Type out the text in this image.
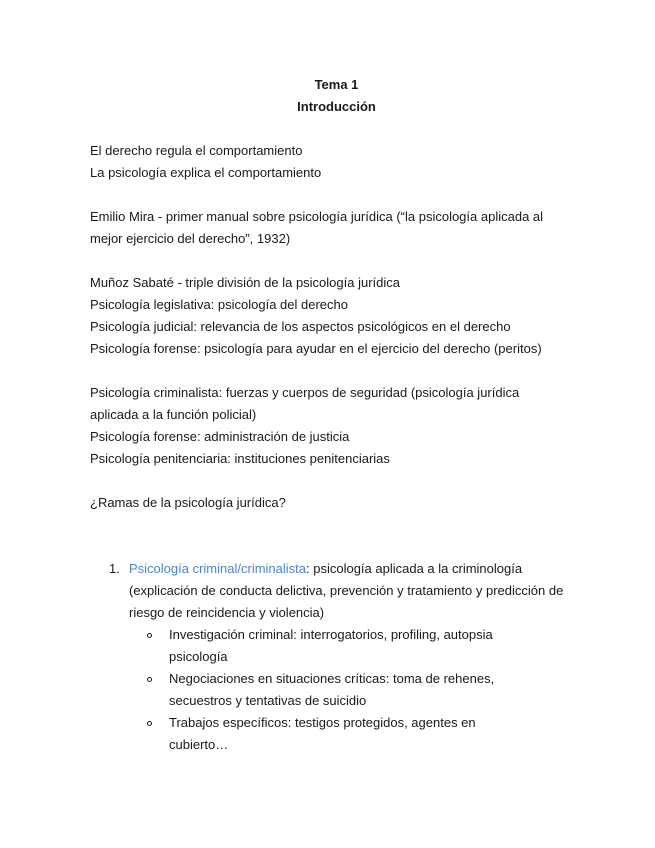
Tema 1
Introducción

El derecho regula el comportamiento

La psicología explica el comportamiento

Emilio Mira - primer manual sobre psicología jurídica (“la psicología aplicada al

mejor ejercicio del derecho”, 1932)

Muñoz Sabaté - triple división de la psicología jurídica

Psicología legislativa: psicología del derecho

Psicología judicial: relevancia de los aspectos psicológicos en el derecho

Psicología forense: psicología para ayudar en el ejercicio del derecho (peritos)

Psicología criminalista: fuerzas y cuerpos de seguridad (psicología jurídica

aplicada a la función policial)

Psicología forense: administración de justicia

Psicología penitenciaria: instituciones penitenciarias

¿Ramas de la psicología jurídica?

1. Psicología criminal/criminalista: psicología aplicada a la criminología (explicación de conducta delictiva, prevención y tratamiento y predicción de riesgo de reincidencia y violencia)
Investigación criminal: interrogatorios, profiling, autopsia psicología
Negociaciones en situaciones críticas: toma de rehenes, secuestros y tentativas de suicidio
Trabajos específicos: testigos protegidos, agentes en cubierto…
